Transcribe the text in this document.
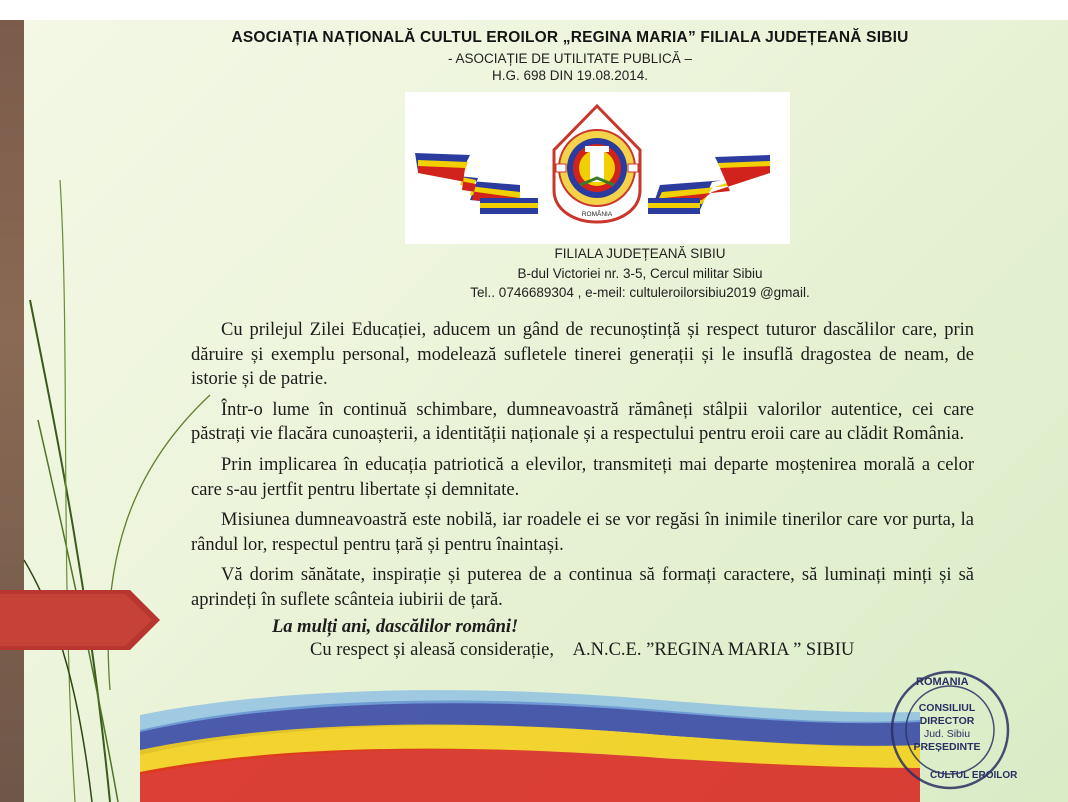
ASOCIAȚIA NAȚIONALĂ CULTUL EROILOR „REGINA MARIA” FILIALA JUDEȚEANĂ SIBIU
- ASOCIAȚIE DE UTILITATE PUBLICĂ –
H.G. 698 DIN 19.08.2014.
ROMÂNIA
FILIALA JUDEȚEANĂ SIBIU
B-dul Victoriei nr. 3-5, Cercul militar Sibiu
Tel.. 0746689304 , e-meil: cultuleroilorsibiu2019 @gmail.

Cu prilejul Zilei Educației, aducem un gând de recunoștință și respect tuturor dascălilor care, prin dăruire și exemplu personal, modelează sufletele tinerei generații și le insuflă dragostea de neam, de istorie și de patrie.

Într-o lume în continuă schimbare, dumneavoastră rămâneți stâlpii valorilor autentice, cei care păstrați vie flacăra cunoașterii, a identității naționale și a respectului pentru eroii care au clădit România.

Prin implicarea în educația patriotică a elevilor, transmiteți mai departe moștenirea morală a celor care s-au jertfit pentru libertate și demnitate.

Misiunea dumneavoastră este nobilă, iar roadele ei se vor regăsi în inimile tinerilor care vor purta, la rândul lor, respectul pentru țară și pentru înaintași.

Vă dorim sănătate, inspirație și puterea de a continua să formați caractere, să luminați minți și să aprindeți în suflete scânteia iubirii de țară.

La mulți ani, dascălilor români!
Cu respect și aleasă considerație, A.N.C.E. ”REGINA MARIA ” SIBIU
ROMANIA
CONSILIUL
DIRECTOR
Jud. Sibiu
PREȘEDINTE
CULTUL EROILOR
